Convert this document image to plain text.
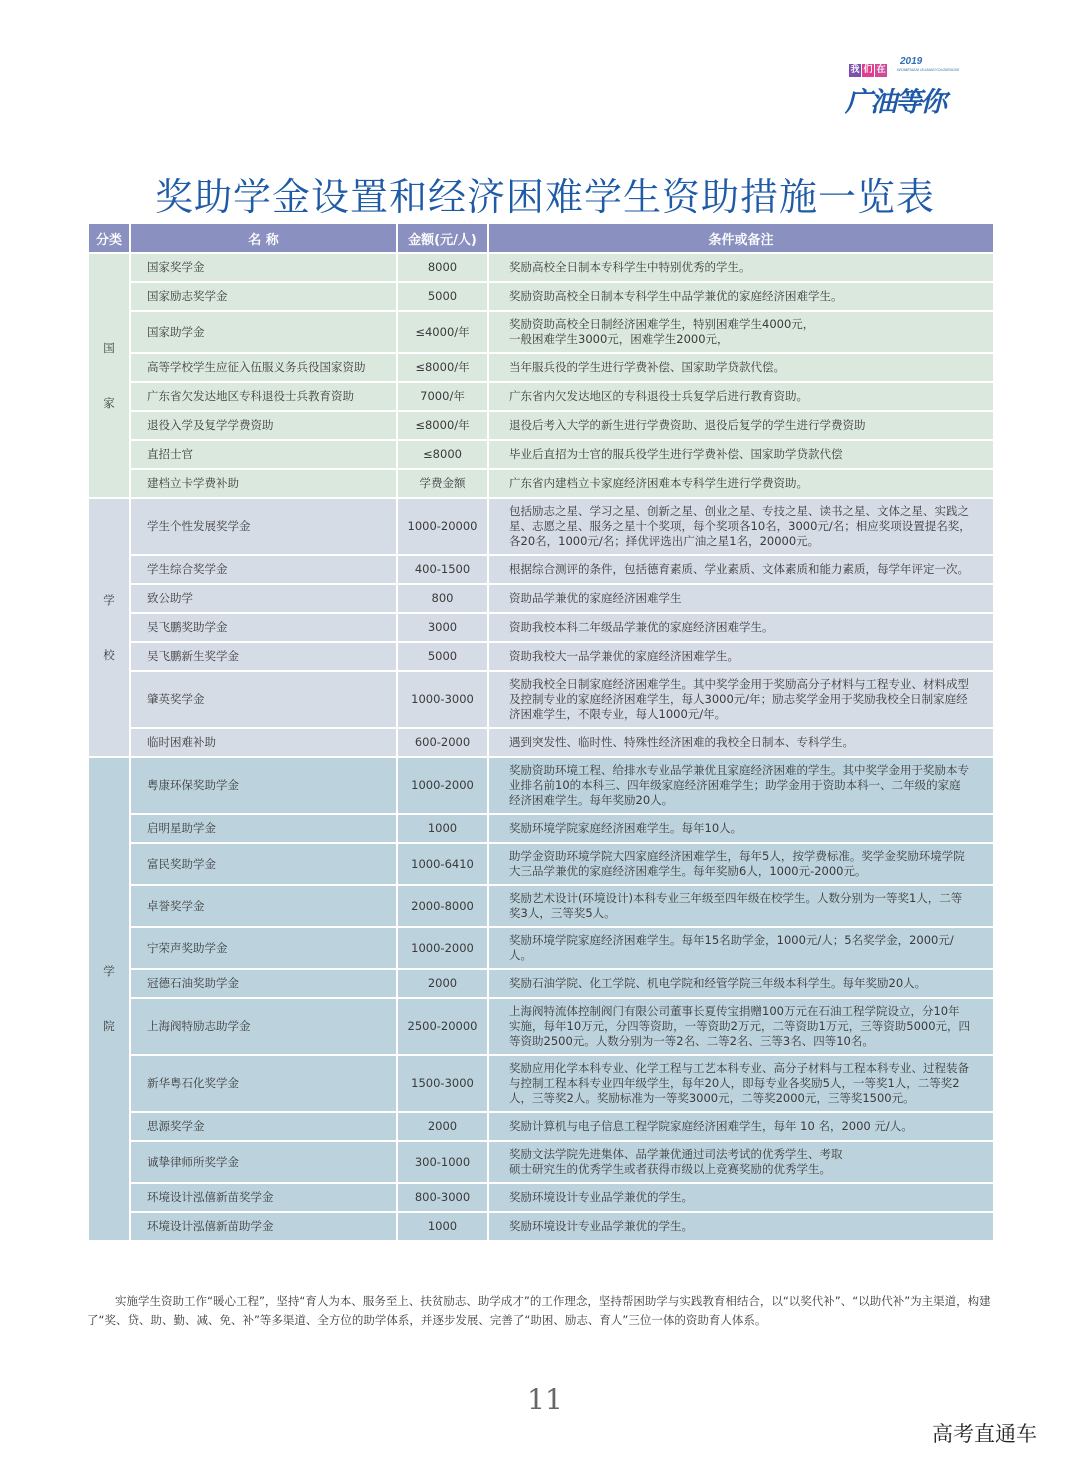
我 们 在
2019
WOMENZAI GUANGYOUDENGNI
广油等你
奖助学金设置和经济困难学生资助措施一览表
分类	名 称	金额(元/人)	条件或备注

国
家	国家奖学金	8000	奖励高校全日制本专科学生中特别优秀的学生。
	国家励志奖学金	5000	奖励资助高校全日制本专科学生中品学兼优的家庭经济困难学生。
	国家助学金	≤4000/年	奖励资助高校全日制经济困难学生，特别困难学生4000元，
一般困难学生3000元，困难学生2000元，
	高等学校学生应征入伍服义务兵役国家资助	≤8000/年	当年服兵役的学生进行学费补偿、国家助学贷款代偿。
	广东省欠发达地区专科退役士兵教育资助	7000/年	广东省内欠发达地区的专科退役士兵复学后进行教育资助。
	退役入学及复学学费资助	≤8000/年	退役后考入大学的新生进行学费资助、退役后复学的学生进行学费资助
	直招士官	≤8000	毕业后直招为士官的服兵役学生进行学费补偿、国家助学贷款代偿
	建档立卡学费补助	学费金额	广东省内建档立卡家庭经济困难本专科学生进行学费资助。

学
校	学生个性发展奖学金	1000-20000	包括励志之星、学习之星、创新之星、创业之星、专技之星、读书之星、文体之星、实践之星、志愿之星、服务之星十个奖项，每个奖项各10名，3000元/名；相应奖项设置提名奖，各20名，1000元/名；择优评选出广油之星1名，20000元。
	学生综合奖学金	400-1500	根据综合测评的条件，包括德育素质、学业素质、文体素质和能力素质，每学年评定一次。
	致公助学	800	资助品学兼优的家庭经济困难学生
	吴飞鹏奖助学金	3000	资助我校本科二年级品学兼优的家庭经济困难学生。
	吴飞鹏新生奖学金	5000	资助我校大一品学兼优的家庭经济困难学生。
	肇英奖学金	1000-3000	奖励我校全日制家庭经济困难学生。其中奖学金用于奖励高分子材料与工程专业、材料成型及控制专业的家庭经济困难学生，每人3000元/年；励志奖学金用于奖励我校全日制家庭经济困难学生，不限专业，每人1000元/年。
	临时困难补助	600-2000	遇到突发性、临时性、特殊性经济困难的我校全日制本、专科学生。

学
院	粤康环保奖助学金	1000-2000	奖励资助环境工程、给排水专业品学兼优且家庭经济困难的学生。其中奖学金用于奖励本专业排名前10的本科三、四年级家庭经济困难学生；助学金用于资助本科一、二年级的家庭经济困难学生。每年奖励20人。
	启明星助学金	1000	奖励环境学院家庭经济困难学生。每年10人。
	富民奖助学金	1000-6410	助学金资助环境学院大四家庭经济困难学生，每年5人，按学费标准。奖学金奖励环境学院大三品学兼优的家庭经济困难学生。每年奖励6人，1000元-2000元。
	卓誉奖学金	2000-8000	奖励艺术设计(环境设计)本科专业三年级至四年级在校学生。人数分别为一等奖1人，二等奖3人，三等奖5人。
	宁荣声奖助学金	1000-2000	奖励环境学院家庭经济困难学生。每年15名助学金，1000元/人；5名奖学金，2000元/人。
	冠德石油奖助学金	2000	奖励石油学院、化工学院、机电学院和经管学院三年级本科学生。每年奖励20人。
	上海阀特励志助学金	2500-20000	上海阀特流体控制阀门有限公司董事长夏传宝捐赠100万元在石油工程学院设立，分10年实施，每年10万元，分四等资助，一等资助2万元，二等资助1万元，三等资助5000元，四等资助2500元。人数分别为一等2名、二等2名、三等3名、四等10名。
	新华粤石化奖学金	1500-3000	奖励应用化学本科专业、化学工程与工艺本科专业、高分子材料与工程本科专业、过程装备与控制工程本科专业四年级学生，每年20人，即每专业各奖励5人，一等奖1人，二等奖2人，三等奖2人。奖励标准为一等奖3000元，二等奖2000元，三等奖1500元。
	思源奖学金	2000	奖励计算机与电子信息工程学院家庭经济困难学生，每年 10 名，2000 元/人。
	诚挚律师所奖学金	300-1000	奖励文法学院先进集体、品学兼优通过司法考试的优秀学生、考取
硕士研究生的优秀学生或者获得市级以上竞赛奖励的优秀学生。
	环境设计泓僖新苗奖学金	800-3000	奖励环境设计专业品学兼优的学生。
	环境设计泓僖新苗助学金	1000	奖励环境设计专业品学兼优的学生。
实施学生资助工作“暖心工程”，坚持“育人为本、服务至上、扶贫励志、助学成才”的工作理念，坚持帮困助学与实践教育相结合，以“以奖代补”、“以助代补”为主渠道，构建了“奖、贷、助、勤、减、免、补”等多渠道、全方位的助学体系，并逐步发展、完善了“助困、励志、育人”三位一体的资助育人体系。
11
高考直通车
